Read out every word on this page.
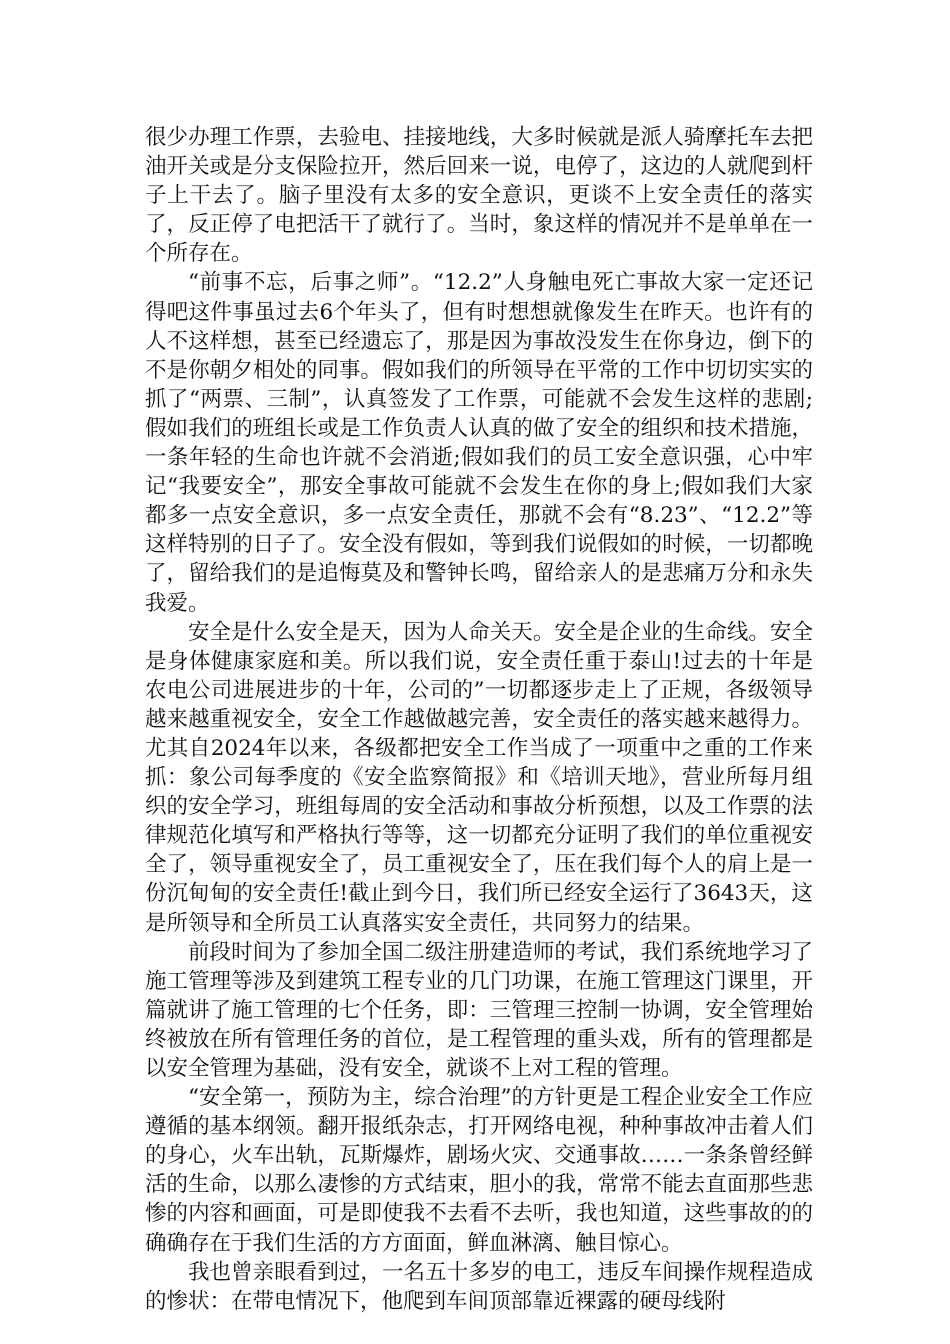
很少办理工作票，去验电、挂接地线，大多时候就是派人骑摩托车去把油开关或是分支保险拉开，然后回来一说，电停了，这边的人就爬到杆子上干去了。脑子里没有太多的安全意识，更谈不上安全责任的落实了，反正停了电把活干了就行了。当时，象这样的情况并不是单单在一个所存在。

“前事不忘，后事之师”。“12.2”人身触电死亡事故大家一定还记得吧这件事虽过去6个年头了，但有时想想就像发生在昨天。也许有的人不这样想，甚至已经遗忘了，那是因为事故没发生在你身边，倒下的不是你朝夕相处的同事。假如我们的所领导在平常的工作中切切实实的抓了“两票、三制”，认真签发了工作票，可能就不会发生这样的悲剧;假如我们的班组长或是工作负责人认真的做了安全的组织和技术措施，一条年轻的生命也许就不会消逝;假如我们的员工安全意识强，心中牢记“我要安全”，那安全事故可能就不会发生在你的身上;假如我们大家都多一点安全意识，多一点安全责任，那就不会有“8.23”、“12.2”等这样特别的日子了。安全没有假如，等到我们说假如的时候，一切都晚了，留给我们的是追悔莫及和警钟长鸣，留给亲人的是悲痛万分和永失我爱。

安全是什么安全是天，因为人命关天。安全是企业的生命线。安全是身体健康家庭和美。所以我们说，安全责任重于泰山!过去的十年是农电公司进展进步的十年，公司的”一切都逐步走上了正规，各级领导越来越重视安全，安全工作越做越完善，安全责任的落实越来越得力。尤其自2024年以来，各级都把安全工作当成了一项重中之重的工作来抓：象公司每季度的《安全监察简报》和《培训天地》，营业所每月组织的安全学习，班组每周的安全活动和事故分析预想，以及工作票的法律规范化填写和严格执行等等，这一切都充分证明了我们的单位重视安全了，领导重视安全了，员工重视安全了，压在我们每个人的肩上是一份沉甸甸的安全责任!截止到今日，我们所已经安全运行了3643天，这是所领导和全所员工认真落实安全责任，共同努力的结果。

前段时间为了参加全国二级注册建造师的考试，我们系统地学习了施工管理等涉及到建筑工程专业的几门功课，在施工管理这门课里，开篇就讲了施工管理的七个任务，即：三管理三控制一协调，安全管理始终被放在所有管理任务的首位，是工程管理的重头戏，所有的管理都是以安全管理为基础，没有安全，就谈不上对工程的管理。

“安全第一，预防为主，综合治理”的方针更是工程企业安全工作应遵循的基本纲领。翻开报纸杂志，打开网络电视，种种事故冲击着人们的身心，火车出轨，瓦斯爆炸，剧场火灾、交通事故……一条条曾经鲜活的生命，以那么凄惨的方式结束，胆小的我，常常不能去直面那些悲惨的内容和画面，可是即使我不去看不去听，我也知道，这些事故的的确确存在于我们生活的方方面面，鲜血淋漓、触目惊心。

我也曾亲眼看到过，一名五十多岁的电工，违反车间操作规程造成的惨状：在带电情况下，他爬到车间顶部靠近裸露的硬母线附
